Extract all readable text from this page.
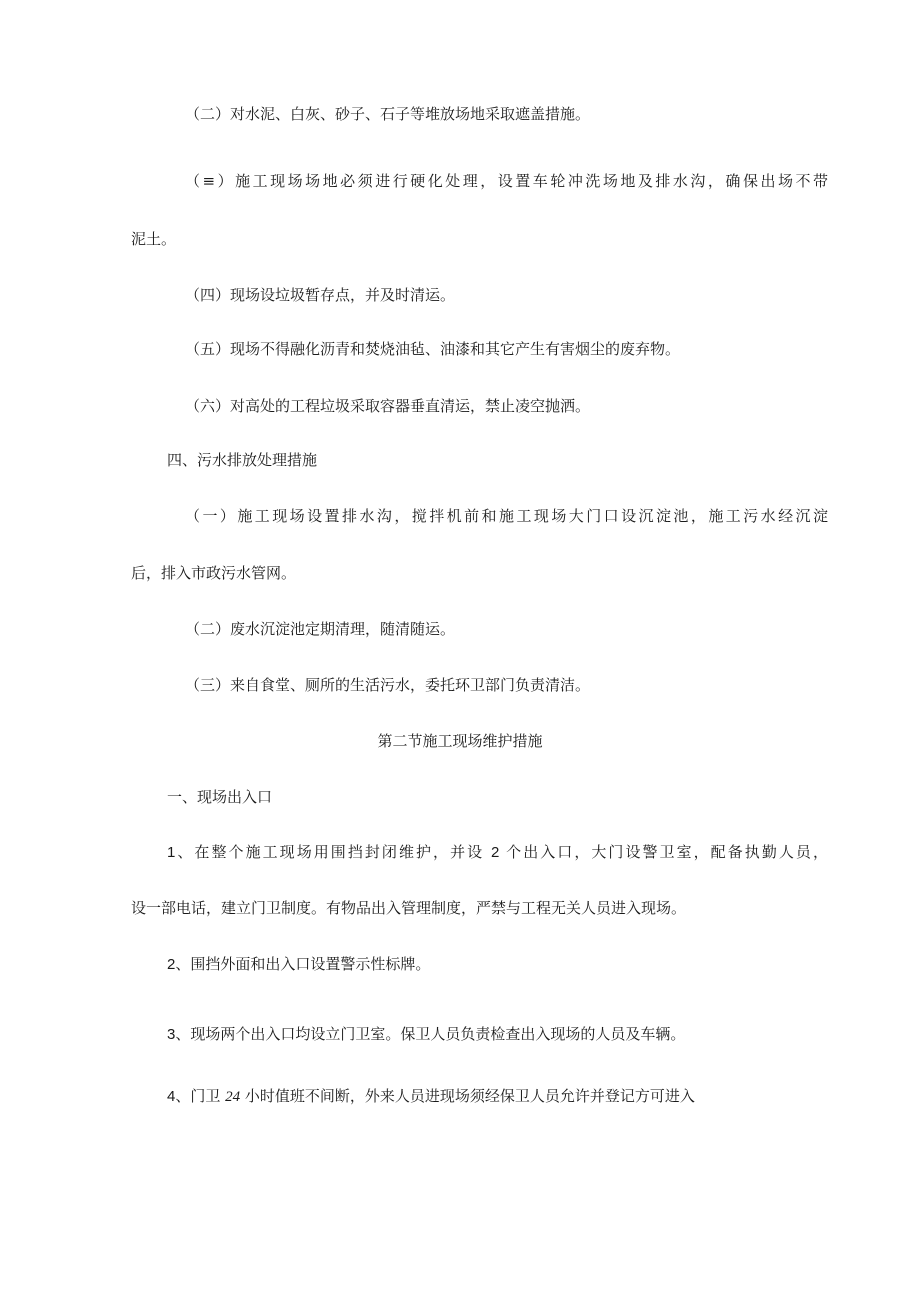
（二）对水泥、白灰、砂子、石子等堆放场地采取遮盖措施。
（≡）施工现场场地必须进行硬化处理，设置车轮冲洗场地及排水沟，确保出场不带
泥土。
（四）现场设垃圾暂存点，并及时清运。
（五）现场不得融化沥青和焚烧油毡、油漆和其它产生有害烟尘的废弃物。
（六）对高处的工程垃圾采取容器垂直清运，禁止凌空抛洒。
四、污水排放处理措施
（一）施工现场设置排水沟，搅拌机前和施工现场大门口设沉淀池，施工污水经沉淀
后，排入市政污水管网。
（二）废水沉淀池定期清理，随清随运。
（三）来自食堂、厕所的生活污水，委托环卫部门负责清洁。
第二节施工现场维护措施
一、现场出入口
1、在整个施工现场用围挡封闭维护，并设 2 个出入口，大门设警卫室，配备执勤人员，
设一部电话，建立门卫制度。有物品出入管理制度，严禁与工程无关人员进入现场。
2、围挡外面和出入口设置警示性标牌。
3、现场两个出入口均设立门卫室。保卫人员负责检查出入现场的人员及车辆。
4、门卫 24 小时值班不间断，外来人员进现场须经保卫人员允许并登记方可进入
